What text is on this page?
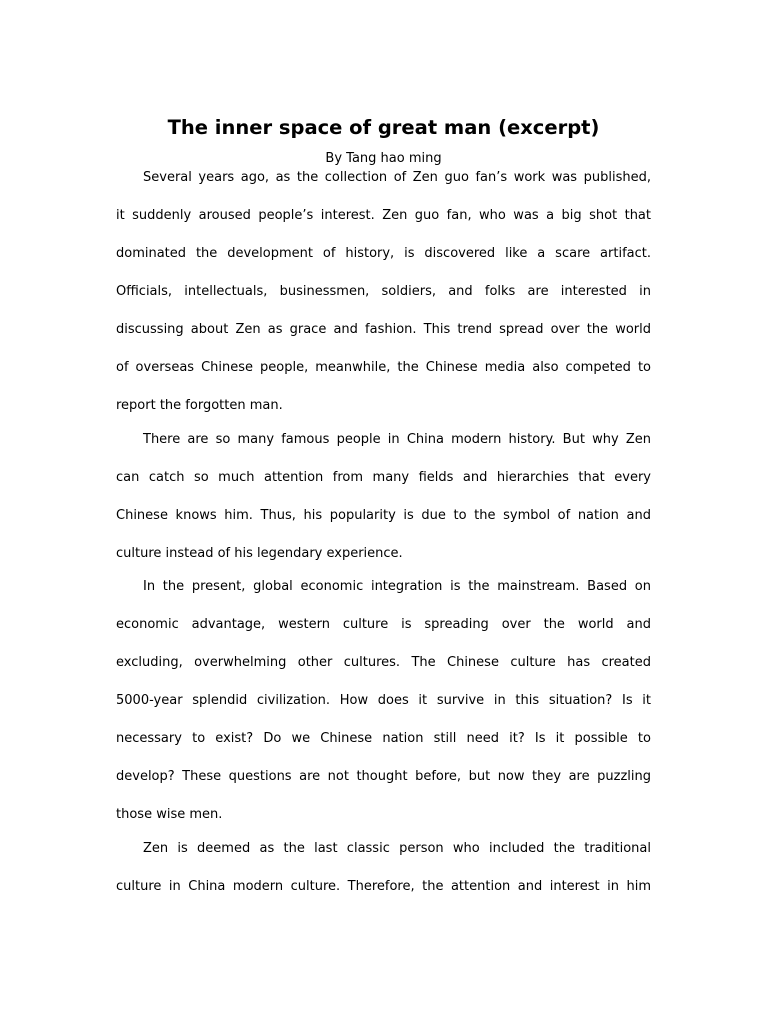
The inner space of great man (excerpt)
By Tang hao ming
Several years ago, as the collection of Zen guo fan’s work was published,
it suddenly aroused people’s interest. Zen guo fan, who was a big shot that
dominated the development of history, is discovered like a scare artifact.
Officials, intellectuals, businessmen, soldiers, and folks are interested in
discussing about Zen as grace and fashion. This trend spread over the world
of overseas Chinese people, meanwhile, the Chinese media also competed to
report the forgotten man.
There are so many famous people in China modern history. But why Zen
can catch so much attention from many fields and hierarchies that every
Chinese knows him. Thus, his popularity is due to the symbol of nation and
culture instead of his legendary experience.
In the present, global economic integration is the mainstream. Based on
economic advantage, western culture is spreading over the world and
excluding, overwhelming other cultures. The Chinese culture has created
5000-year splendid civilization. How does it survive in this situation? Is it
necessary to exist? Do we Chinese nation still need it? Is it possible to
develop? These questions are not thought before, but now they are puzzling
those wise men.
Zen is deemed as the last classic person who included the traditional
culture in China modern culture. Therefore, the attention and interest in him
